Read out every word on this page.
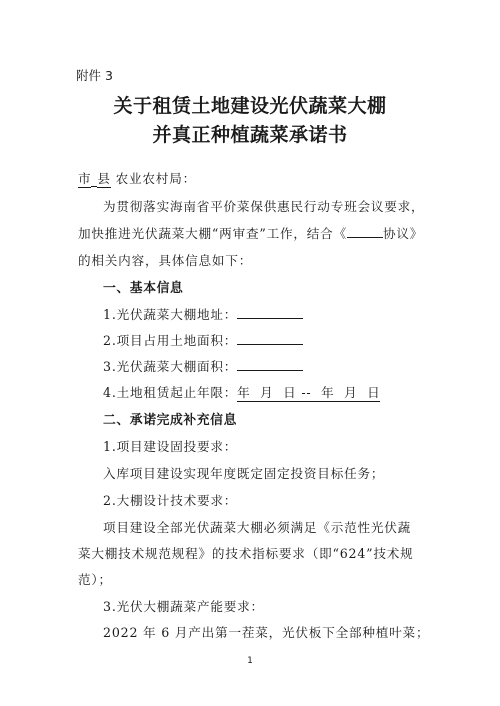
附件 3
关于租赁土地建设光伏蔬菜大棚
并真正种植蔬菜承诺书
市 县 农业农村局：
为贯彻落实海南省平价菜保供惠民行动专班会议要求，
加快推进光伏蔬菜大棚“两审查”工作，结合《	协议》
的相关内容，具体信息如下：
一、基本信息
1.光伏蔬菜大棚地址：
2.项目占用土地面积：
3.光伏蔬菜大棚面积：
4.土地租赁起止年限：年  月  日 --  年  月  日
二、承诺完成补充信息
1.项目建设固投要求：
入库项目建设实现年度既定固定投资目标任务；
2.大棚设计技术要求：
项目建设全部光伏蔬菜大棚必须满足《示范性光伏蔬
菜大棚技术规范规程》的技术指标要求（即“624”技术规
范）；
3.光伏大棚蔬菜产能要求：
2022 年 6 月产出第一茬菜，光伏板下全部种植叶菜；
1
